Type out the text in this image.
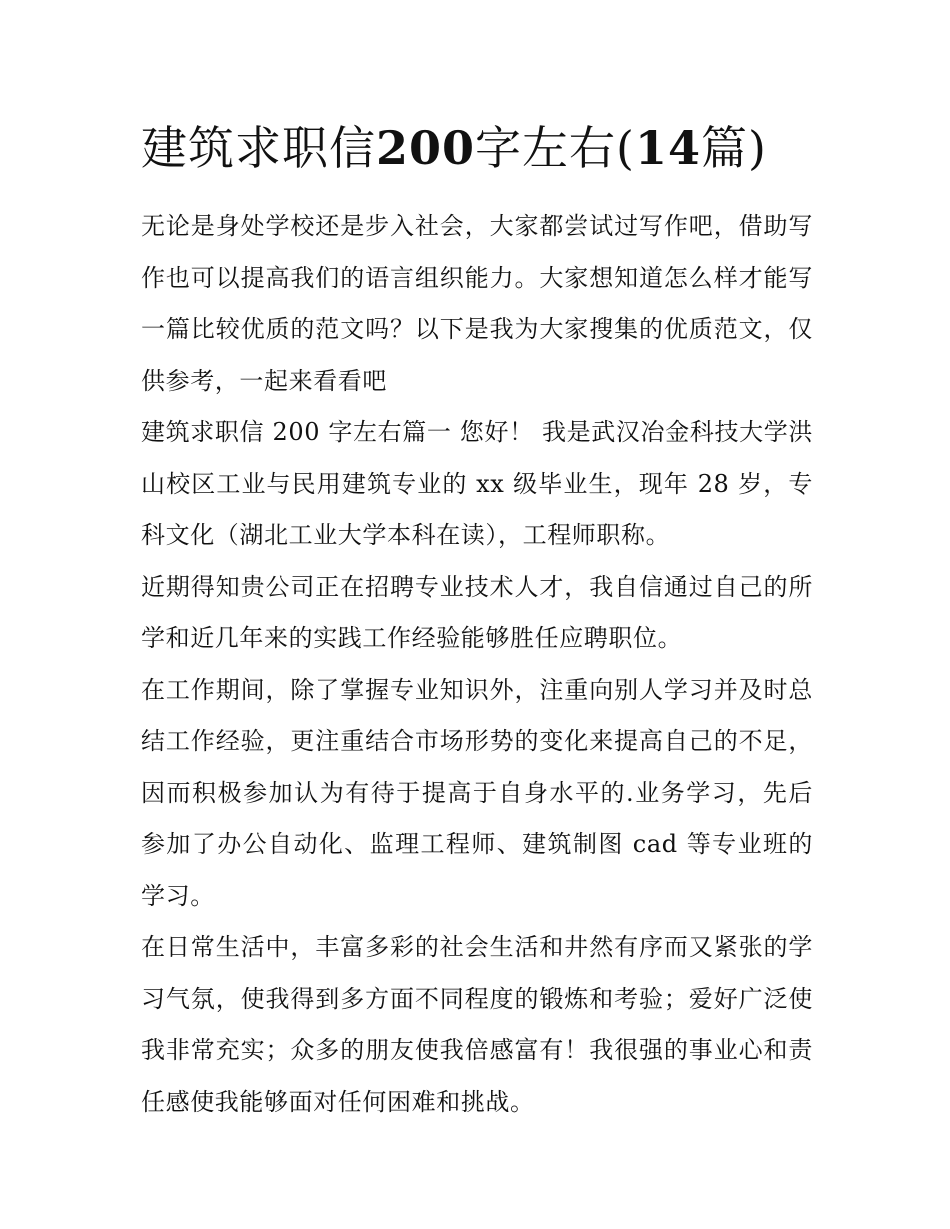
建筑求职信200字左右(14篇)

无论是身处学校还是步入社会，大家都尝试过写作吧，借助写作也可以提高我们的语言组织能力。大家想知道怎么样才能写一篇比较优质的范文吗？以下是我为大家搜集的优质范文，仅供参考，一起来看看吧

建筑求职信 200 字左右篇一 您好！ 我是武汉冶金科技大学洪山校区工业与民用建筑专业的 xx 级毕业生，现年 28 岁，专科文化（湖北工业大学本科在读），工程师职称。

近期得知贵公司正在招聘专业技术人才，我自信通过自己的所学和近几年来的实践工作经验能够胜任应聘职位。

在工作期间，除了掌握专业知识外，注重向别人学习并及时总结工作经验，更注重结合市场形势的变化来提高自己的不足，因而积极参加认为有待于提高于自身水平的.业务学习，先后参加了办公自动化、监理工程师、建筑制图 cad 等专业班的学习。

在日常生活中，丰富多彩的社会生活和井然有序而又紧张的学习气氛，使我得到多方面不同程度的锻炼和考验；爱好广泛使我非常充实；众多的朋友使我倍感富有！我很强的事业心和责任感使我能够面对任何困难和挑战。
